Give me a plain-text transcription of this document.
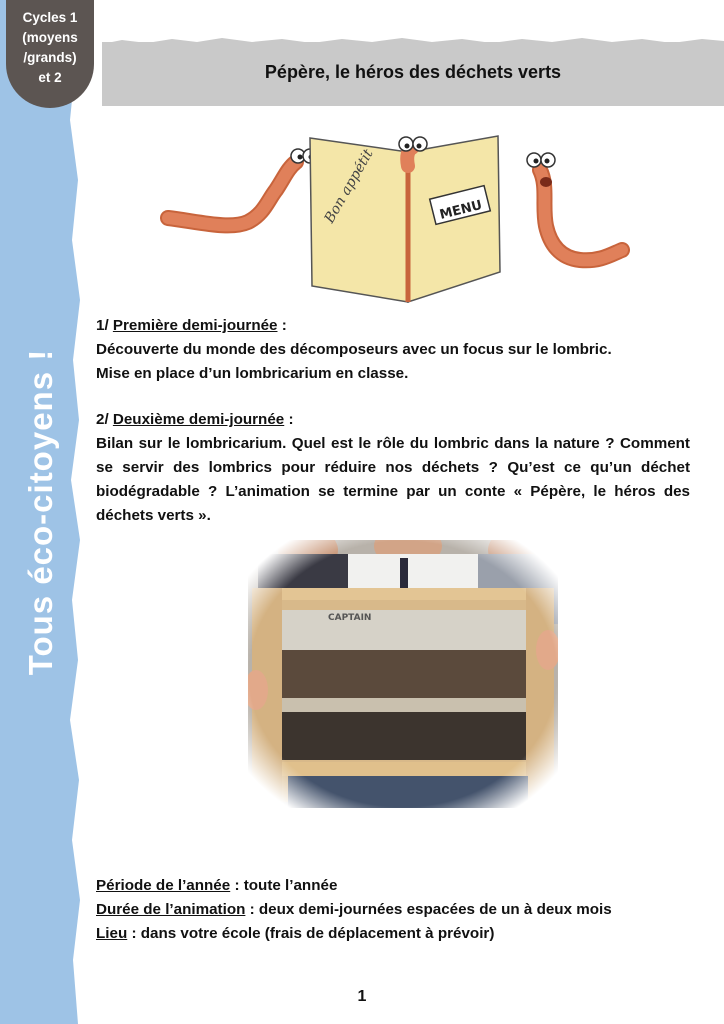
Tous éco-citoyens !
Cycles 1
(moyens
/grands)
et 2	Pépère, le héros des déchets verts
Bon appétit	MENU
1/ Première demi-journée :
Découverte du monde des décomposeurs avec un focus sur le lombric.
Mise en place d’un lombricarium en classe.
2/ Deuxième demi-journée :
Bilan sur le lombricarium. Quel est le rôle du lombric dans la nature ? Comment se servir des lombrics pour réduire nos déchets ? Qu’est ce qu’un déchet biodégradable ? L’animation se termine par un conte « Pépère, le héros des déchets verts ».
Période de l’année : toute l’année
Durée de l’animation : deux demi-journées espacées de un à deux mois
Lieu : dans votre école (frais de déplacement à prévoir)
1
